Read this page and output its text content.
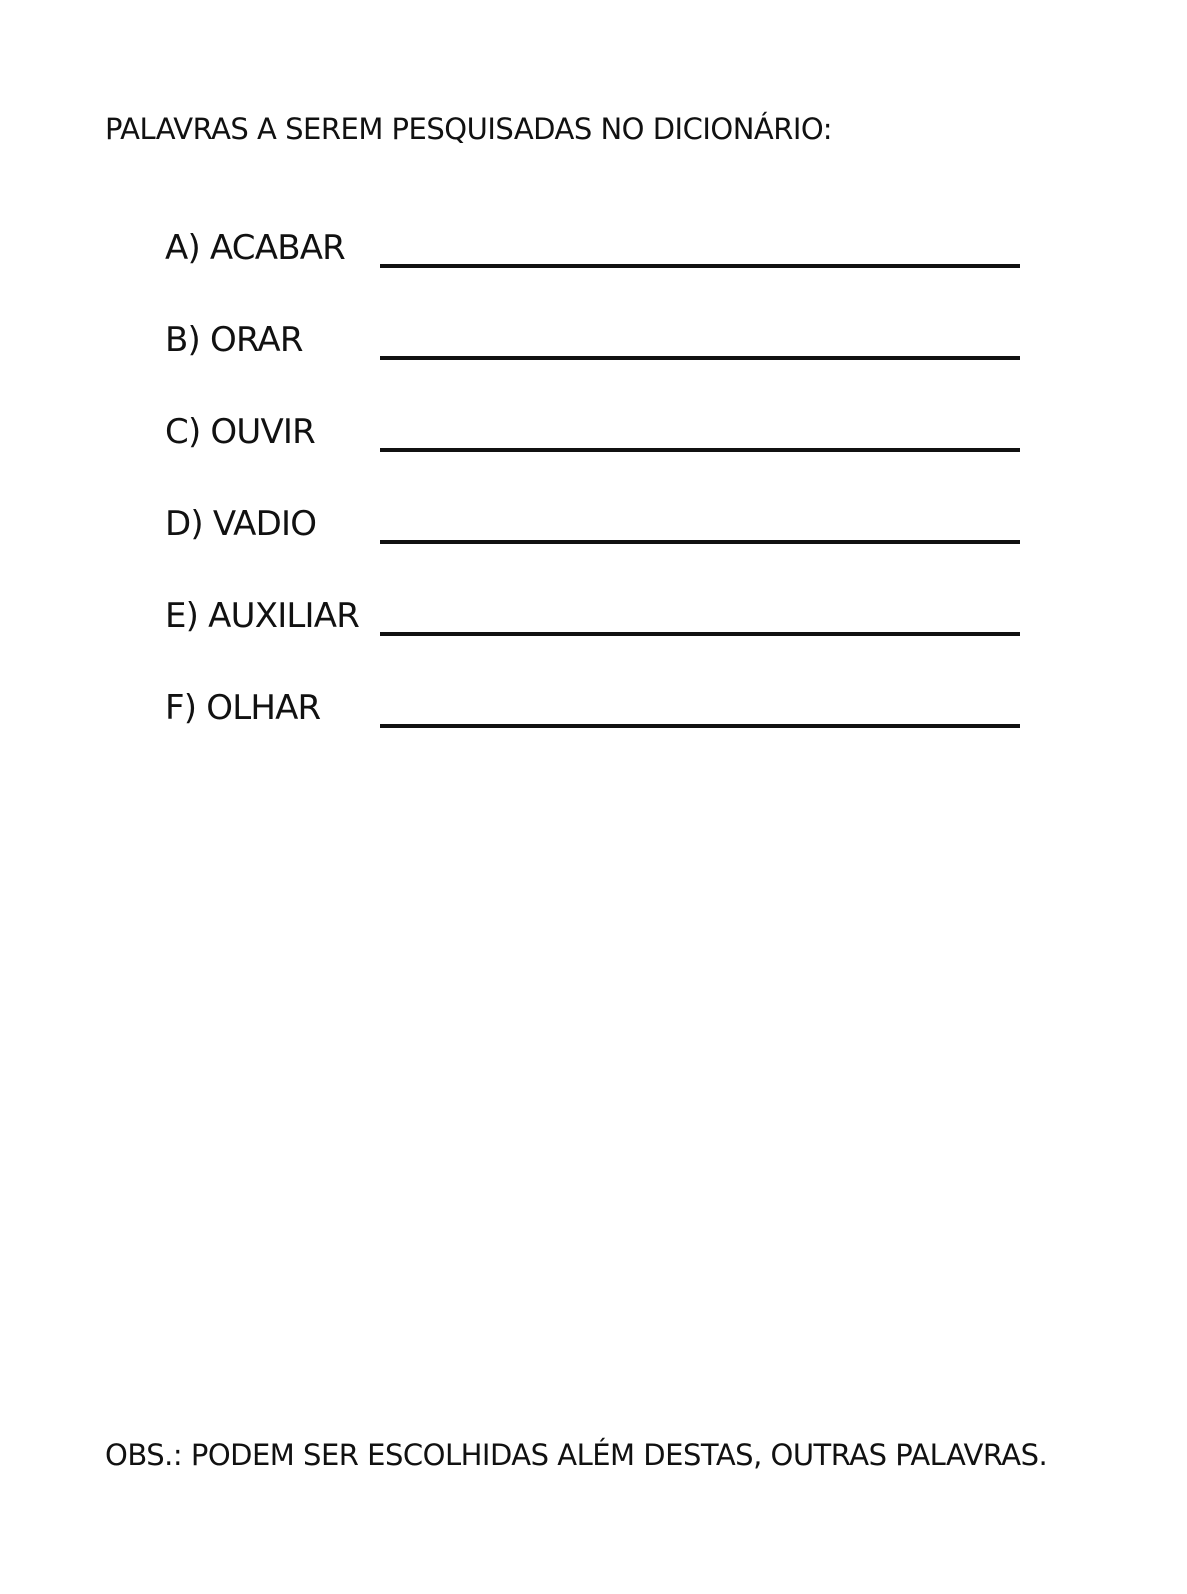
PALAVRAS A SEREM PESQUISADAS NO DICIONÁRIO:
A) ACABAR
B) ORAR
C) OUVIR
D) VADIO
E) AUXILIAR
F) OLHAR
OBS.: PODEM SER ESCOLHIDAS ALÉM DESTAS, OUTRAS PALAVRAS.
